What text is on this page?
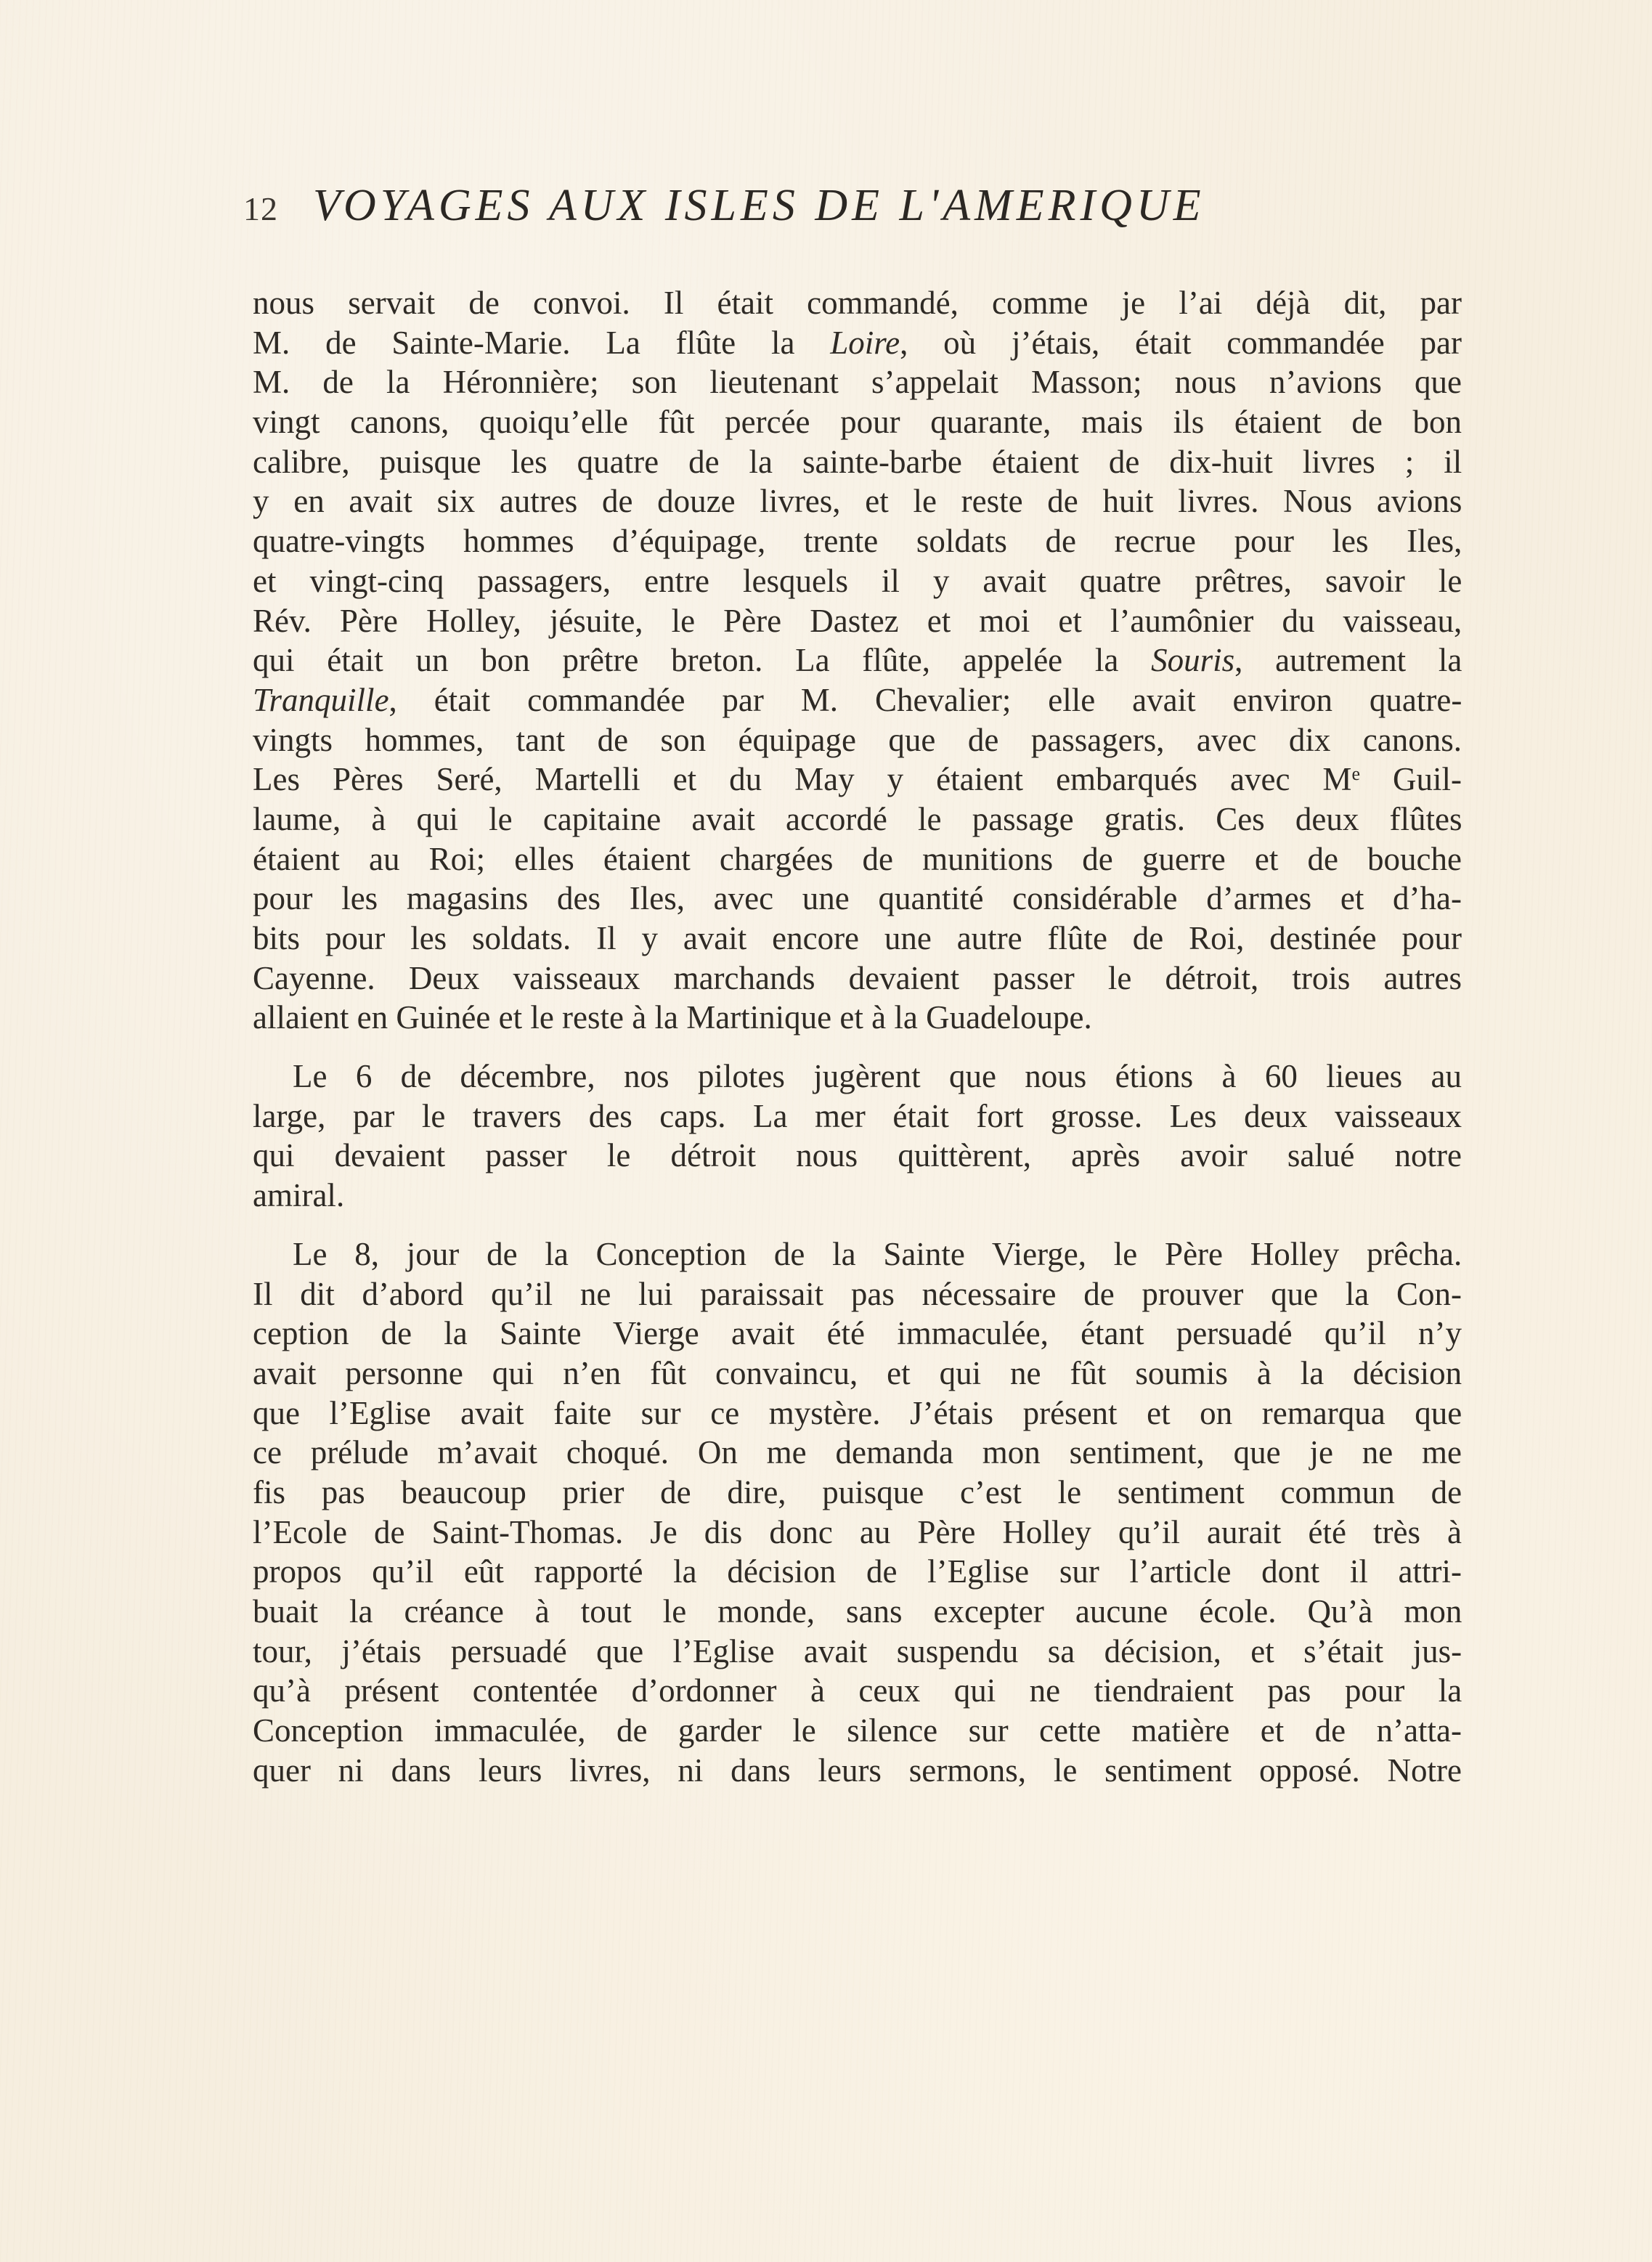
12 VOYAGES AUX ISLES DE L'AMERIQUE

nous servait de convoi. Il était commandé, comme je l’ai déjà dit, par
M. de Sainte-Marie. La flûte la Loire, où j’étais, était commandée par
M. de la Héronnière; son lieutenant s’appelait Masson; nous n’avions que
vingt canons, quoiqu’elle fût percée pour quarante, mais ils étaient de bon
calibre, puisque les quatre de la sainte-barbe étaient de dix-huit livres ; il
y en avait six autres de douze livres, et le reste de huit livres. Nous avions
quatre-vingts hommes d’équipage, trente soldats de recrue pour les Iles,
et vingt-cinq passagers, entre lesquels il y avait quatre prêtres, savoir le
Rév. Père Holley, jésuite, le Père Dastez et moi et l’aumônier du vaisseau,
qui était un bon prêtre breton. La flûte, appelée la Souris, autrement la
Tranquille, était commandée par M. Chevalier; elle avait environ quatre-
vingts hommes, tant de son équipage que de passagers, avec dix canons.
Les Pères Seré, Martelli et du May y étaient embarqués avec Me Guil-
laume, à qui le capitaine avait accordé le passage gratis. Ces deux flûtes
étaient au Roi; elles étaient chargées de munitions de guerre et de bouche
pour les magasins des Iles, avec une quantité considérable d’armes et d’ha-
bits pour les soldats. Il y avait encore une autre flûte de Roi, destinée pour
Cayenne. Deux vaisseaux marchands devaient passer le détroit, trois autres
allaient en Guinée et le reste à la Martinique et à la Guadeloupe.

Le 6 de décembre, nos pilotes jugèrent que nous étions à 60 lieues au
large, par le travers des caps. La mer était fort grosse. Les deux vaisseaux
qui devaient passer le détroit nous quittèrent, après avoir salué notre
amiral.

Le 8, jour de la Conception de la Sainte Vierge, le Père Holley prêcha.
Il dit d’abord qu’il ne lui paraissait pas nécessaire de prouver que la Con-
ception de la Sainte Vierge avait été immaculée, étant persuadé qu’il n’y
avait personne qui n’en fût convaincu, et qui ne fût soumis à la décision
que l’Eglise avait faite sur ce mystère. J’étais présent et on remarqua que
ce prélude m’avait choqué. On me demanda mon sentiment, que je ne me
fis pas beaucoup prier de dire, puisque c’est le sentiment commun de
l’Ecole de Saint-Thomas. Je dis donc au Père Holley qu’il aurait été très à
propos qu’il eût rapporté la décision de l’Eglise sur l’article dont il attri-
buait la créance à tout le monde, sans excepter aucune école. Qu’à mon
tour, j’étais persuadé que l’Eglise avait suspendu sa décision, et s’était jus-
qu’à présent contentée d’ordonner à ceux qui ne tiendraient pas pour la
Conception immaculée, de garder le silence sur cette matière et de n’atta-
quer ni dans leurs livres, ni dans leurs sermons, le sentiment opposé. Notre
